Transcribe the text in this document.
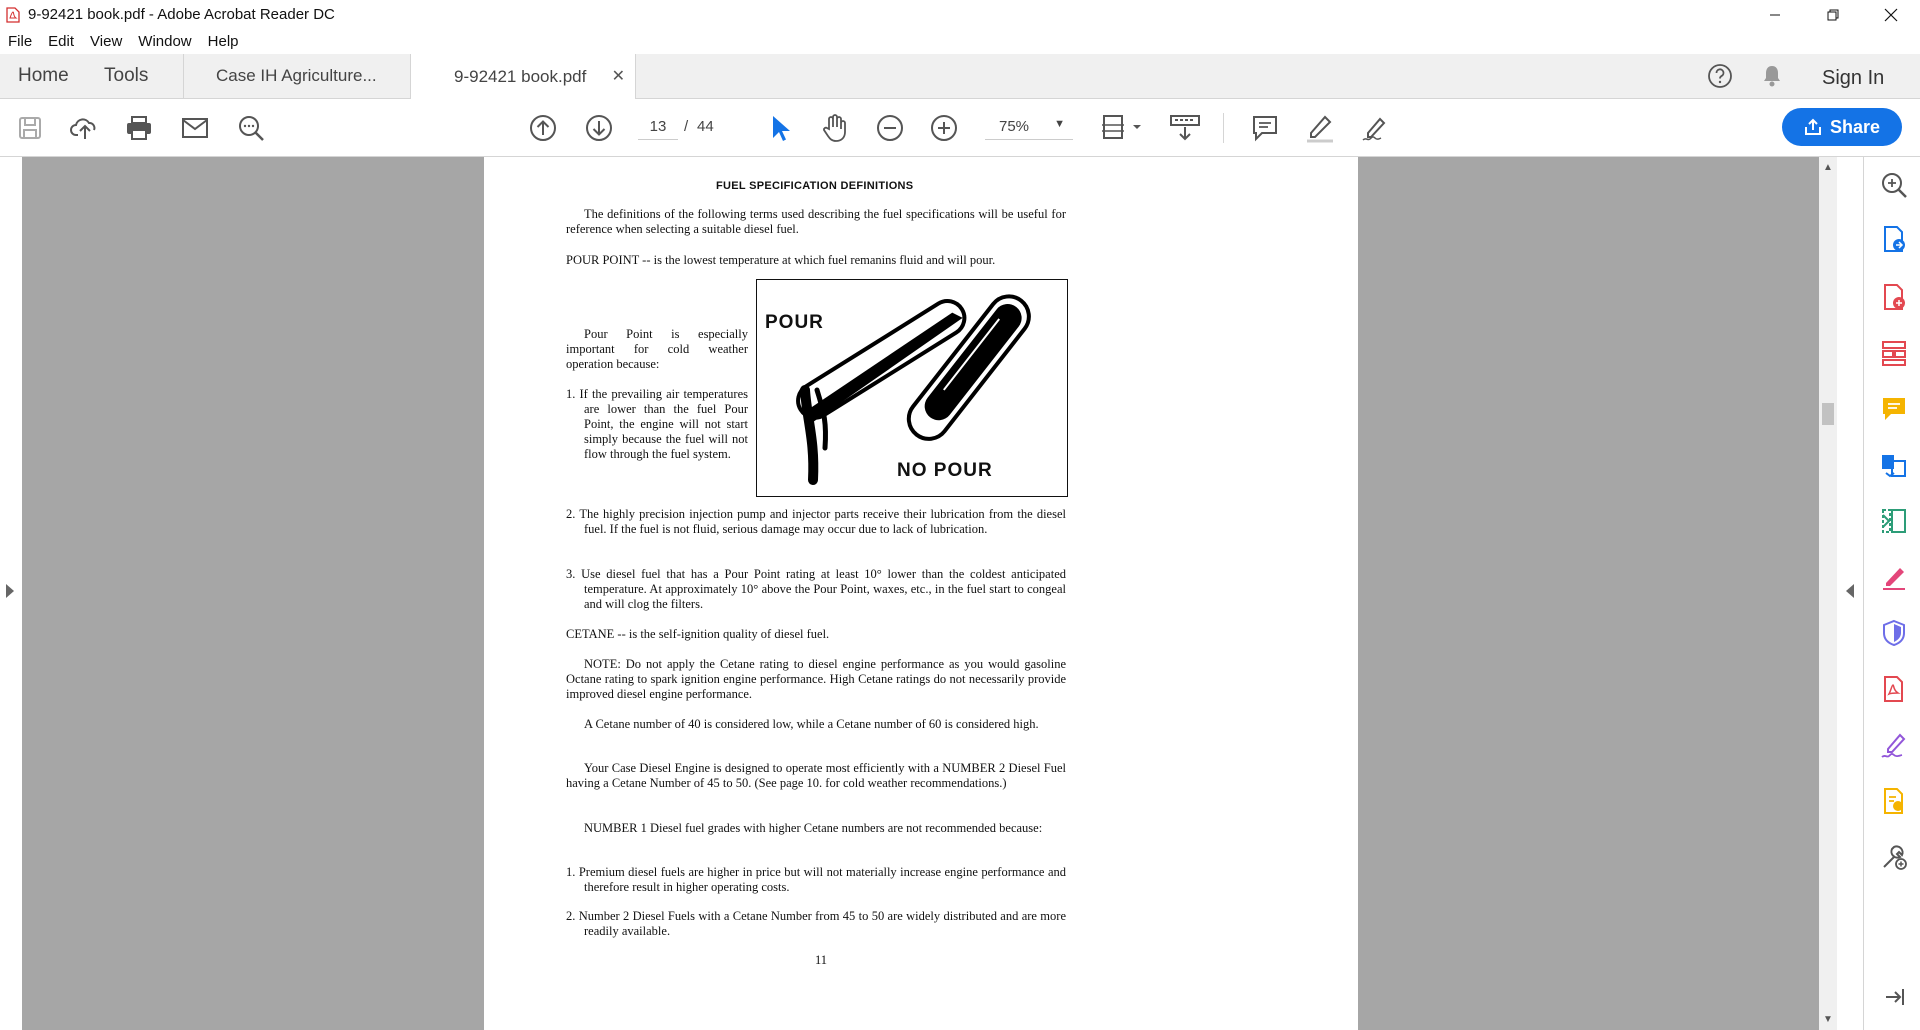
9-92421 book.pdf - Adobe Acrobat Reader DC
File	Edit	View	Window	Help
Home Tools	Case IH Agriculture...	9-92421 book.pdf ✕	Sign In
13	/ 44	75% ▼	Share
FUEL SPECIFICATION DEFINITIONS
The definitions of the following terms used describing the fuel specifications will be useful for reference when selecting a suitable diesel fuel.
POUR POINT -- is the lowest temperature at which fuel remanins fluid and will pour.
Pour Point is especially important for cold weather operation because:
1. If the prevailing air temperatures are lower than the fuel Pour Point, the engine will not start simply because the fuel will not flow through the fuel system.
POUR
NO POUR
2. The highly precision injection pump and injector parts receive their lubrication from the diesel fuel. If the fuel is not fluid, serious damage may occur due to lack of lubrication.
3. Use diesel fuel that has a Pour Point rating at least 10° lower than the coldest anticipated temperature. At approximately 10° above the Pour Point, waxes, etc., in the fuel start to congeal and will clog the filters.
CETANE -- is the self-ignition quality of diesel fuel.
NOTE: Do not apply the Cetane rating to diesel engine performance as you would gasoline Octane rating to spark ignition engine performance. High Cetane ratings do not necessarily provide improved diesel engine performance.
A Cetane number of 40 is considered low, while a Cetane number of 60 is considered high.
Your Case Diesel Engine is designed to operate most efficiently with a NUMBER 2 Diesel Fuel having a Cetane Number of 45 to 50. (See page 10. for cold weather recommendations.)
NUMBER 1 Diesel fuel grades with higher Cetane numbers are not recommended because:
1. Premium diesel fuels are higher in price but will not materially increase engine performance and therefore result in higher operating costs.
2. Number 2 Diesel Fuels with a Cetane Number from 45 to 50 are widely distributed and are more readily available.
11
▲
▼
